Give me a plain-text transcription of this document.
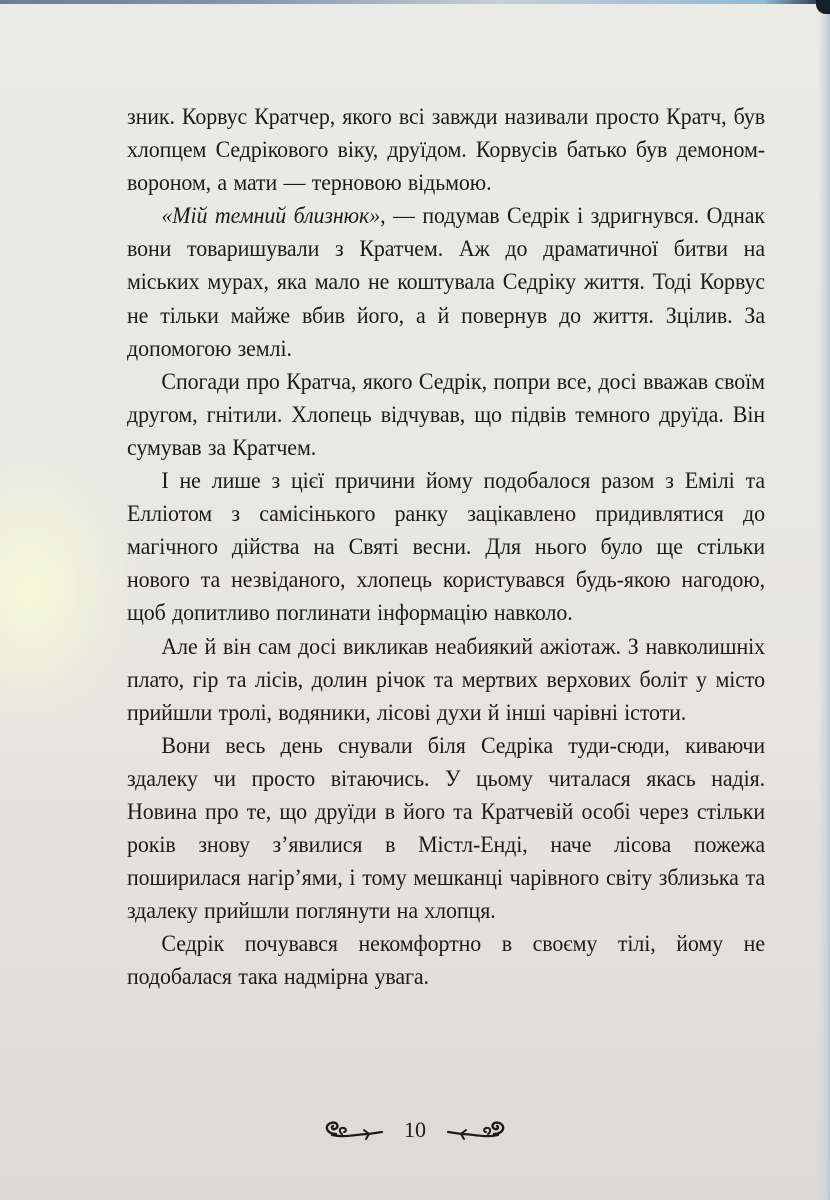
зник. Корвус Кратчер, якого всі завжди називали просто Кратч, був хлопцем Седрікового віку, друїдом. Корвусів батько був демоном-вороном, а мати — терновою відьмою.

«Мій темний близнюк», — подумав Седрік і здригнувся. Однак вони товаришували з Кратчем. Аж до драматичної битви на міських мурах, яка мало не коштувала Седріку життя. Тоді Корвус не тільки майже вбив його, а й повернув до життя. Зцілив. За допомогою землі.

Спогади про Кратча, якого Седрік, попри все, досі вважав своїм другом, гнітили. Хлопець відчував, що підвів темного друїда. Він сумував за Кратчем.

І не лише з цієї причини йому подобалося разом з Емілі та Елліотом з самісінького ранку зацікавлено придивлятися до магічного дійства на Святі весни. Для нього було ще стільки нового та незвіданого, хлопець користувався будь-якою нагодою, щоб допитливо поглинати інформацію навколо.

Але й він сам досі викликав неабиякий ажіотаж. З навколишніх плато, гір та лісів, долин річок та мертвих верхових боліт у місто прийшли тролі, водяники, лісові духи й інші чарівні істоти.

Вони весь день снували біля Седріка туди-сюди, киваючи здалеку чи просто вітаючись. У цьому читалася якась надія. Новина про те, що друїди в його та Кратчевій особі через стільки років знову з’явилися в Містл-Енді, наче лісова пожежа поширилася нагір’ями, і тому мешканці чарівного світу зблизька та здалеку прийшли поглянути на хлопця.

Седрік почувався некомфортно в своєму тілі, йому не подобалася така надмірна увага.

10
